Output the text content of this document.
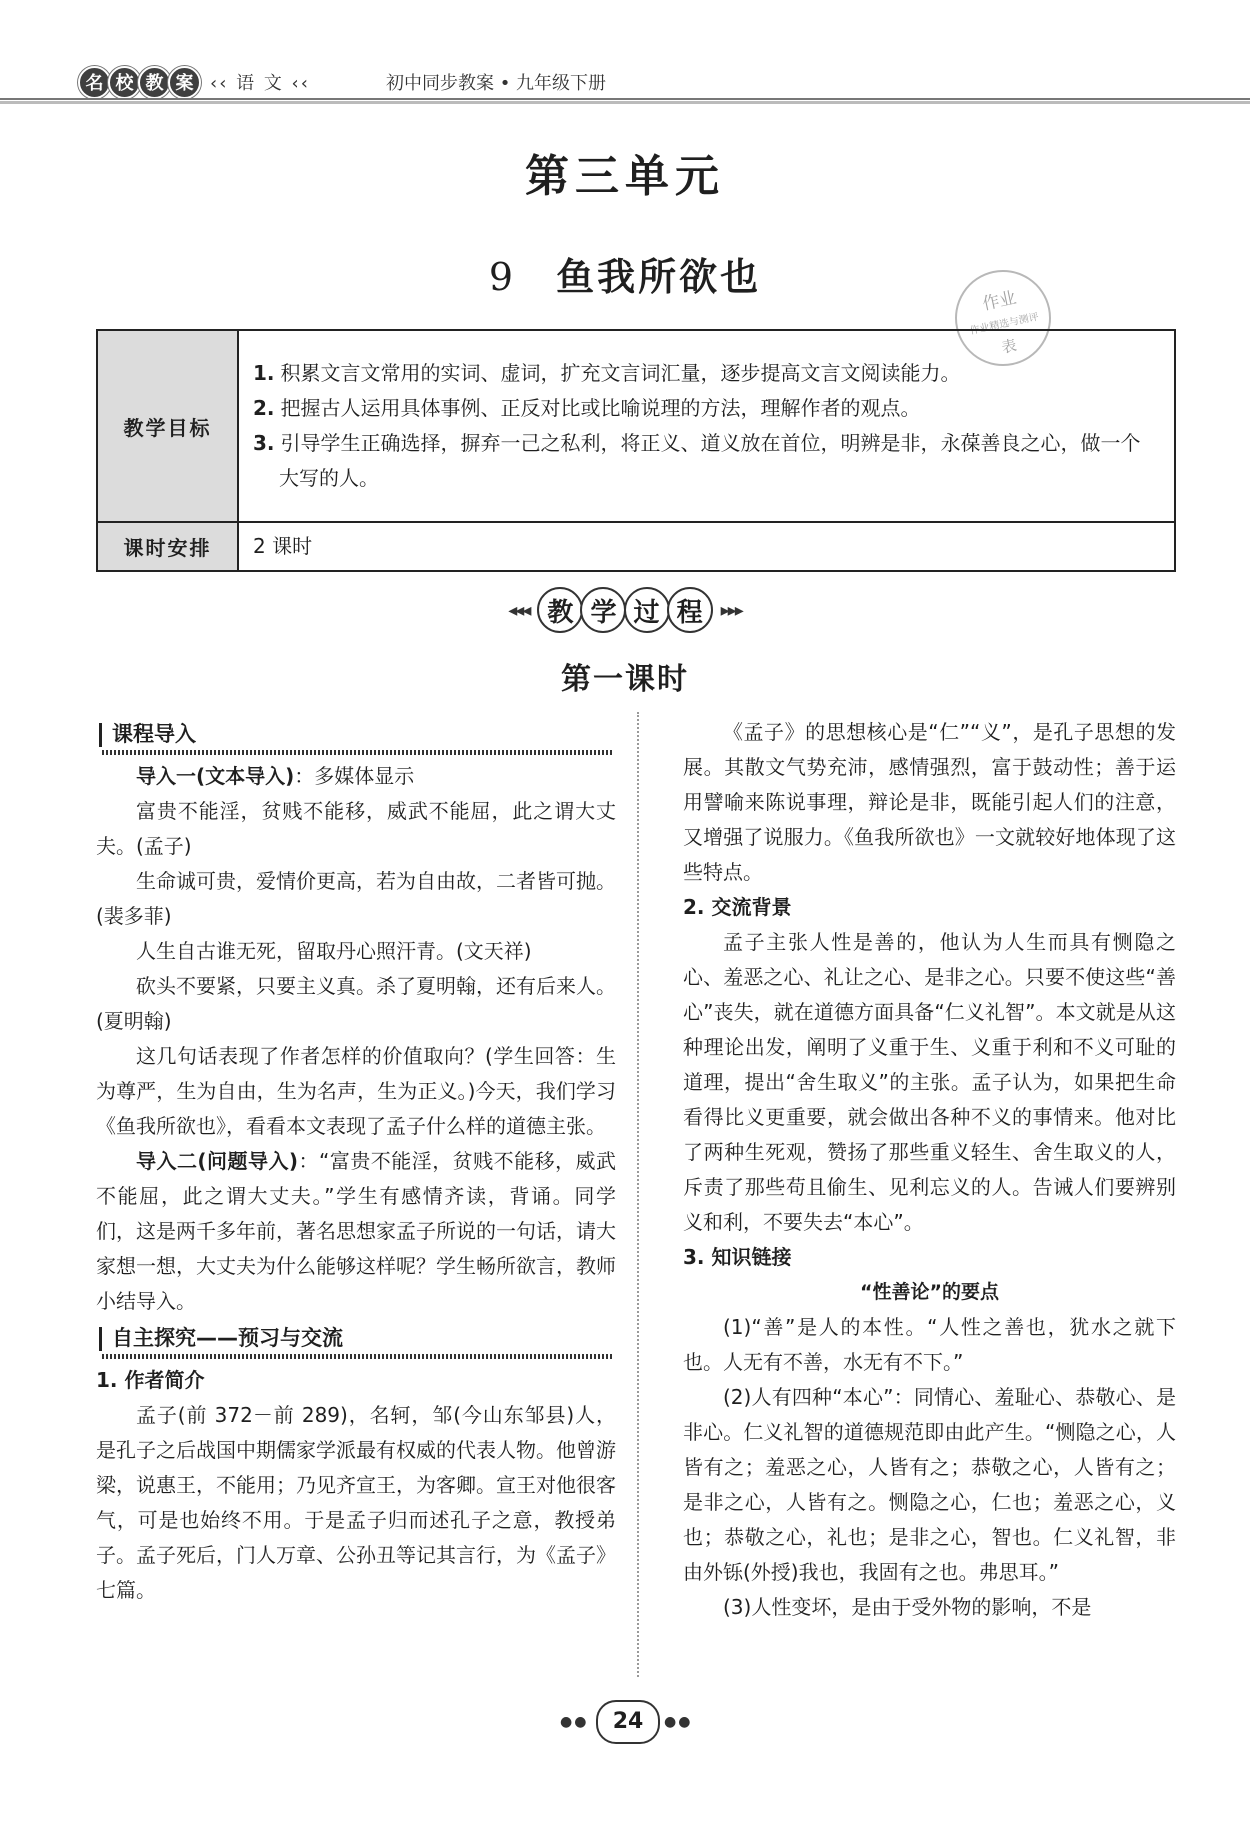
名 校 教 案 ‹‹ 语 文 ‹‹	初中同步教案 • 九年级下册
第三单元
9 鱼我所欲也
作业
作业精选与测评
表
教学目标	1. 积累文言文常用的实词、虚词，扩充文言词汇量，逐步提高文言文阅读能力。
2. 把握古人运用具体事例、正反对比或比喻说理的方法，理解作者的观点。
3. 引导学生正确选择，摒弃一己之私利，将正义、道义放在首位，明辨是非，永葆善良之心，做一个大写的人。

课时安排	2 课时
◂◂◂ 教 学 过 程	▸▸▸
第一课时
课程导入

导入一(文本导入)：多媒体显示

富贵不能淫，贫贱不能移，威武不能屈，此之谓大丈夫。(孟子)

生命诚可贵，爱情价更高，若为自由故，二者皆可抛。(裴多菲)

人生自古谁无死，留取丹心照汗青。(文天祥)

砍头不要紧，只要主义真。杀了夏明翰，还有后来人。(夏明翰)

这几句话表现了作者怎样的价值取向？(学生回答：生为尊严，生为自由，生为名声，生为正义。)今天，我们学习《鱼我所欲也》，看看本文表现了孟子什么样的道德主张。

导入二(问题导入)：“富贵不能淫，贫贱不能移，威武不能屈，此之谓大丈夫。”学生有感情齐读，背诵。同学们，这是两千多年前，著名思想家孟子所说的一句话，请大家想一想，大丈夫为什么能够这样呢？学生畅所欲言，教师小结导入。

自主探究——预习与交流
1. 作者简介

孟子(前 372－前 289)，名轲，邹(今山东邹县)人，是孔子之后战国中期儒家学派最有权威的代表人物。他曾游梁，说惠王，不能用；乃见齐宣王，为客卿。宣王对他很客气，可是也始终不用。于是孟子归而述孔子之意，教授弟子。孟子死后，门人万章、公孙丑等记其言行，为《孟子》七篇。

《孟子》的思想核心是“仁”“义”，是孔子思想的发展。其散文气势充沛，感情强烈，富于鼓动性；善于运用譬喻来陈说事理，辩论是非，既能引起人们的注意，又增强了说服力。《鱼我所欲也》一文就较好地体现了这些特点。

2. 交流背景

孟子主张人性是善的，他认为人生而具有恻隐之心、羞恶之心、礼让之心、是非之心。只要不使这些“善心”丧失，就在道德方面具备“仁义礼智”。本文就是从这种理论出发，阐明了义重于生、义重于利和不义可耻的道理，提出“舍生取义”的主张。孟子认为，如果把生命看得比义更重要，就会做出各种不义的事情来。他对比了两种生死观，赞扬了那些重义轻生、舍生取义的人，斥责了那些苟且偷生、见利忘义的人。告诫人们要辨别义和利，不要失去“本心”。

3. 知识链接
“性善论”的要点

(1)“善”是人的本性。“人性之善也，犹水之就下也。人无有不善，水无有不下。”

(2)人有四种“本心”：同情心、羞耻心、恭敬心、是非心。仁义礼智的道德规范即由此产生。“恻隐之心，人皆有之；羞恶之心，人皆有之；恭敬之心，人皆有之；是非之心，人皆有之。恻隐之心，仁也；羞恶之心，义也；恭敬之心，礼也；是非之心，智也。仁义礼智，非由外铄(外授)我也，我固有之也。弗思耳。”

(3)人性变坏，是由于受外物的影响，不是

●●	24	●●
